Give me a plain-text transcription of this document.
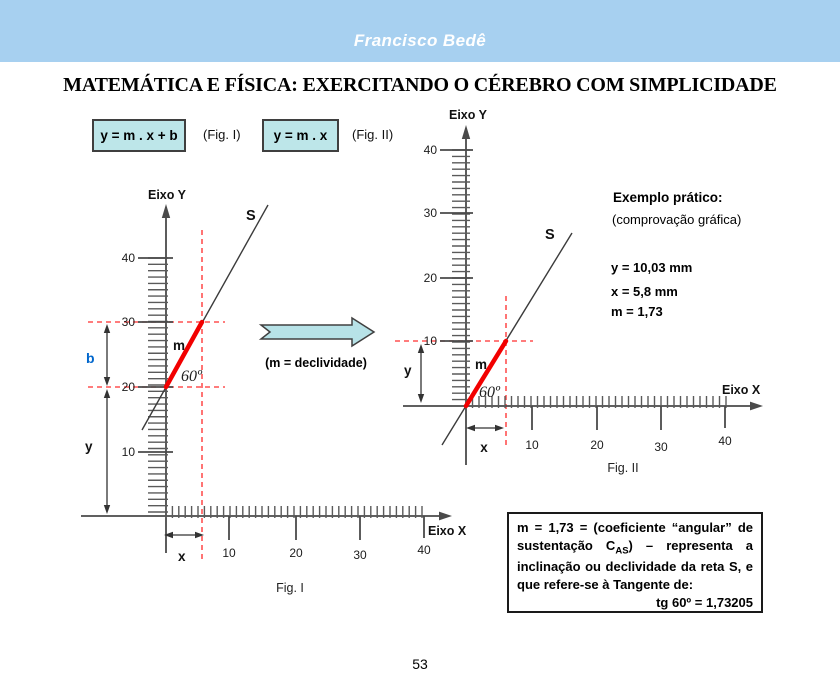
Francisco Bedê
MATEMÁTICA E FÍSICA: EXERCITANDO O CÉREBRO COM SIMPLICIDADE
y = m . x + b (Fig. I) y = m . x (Fig. II)
40
30
20
10
10	20	30	40
Eixo Y
Eixo X
S
m
60º
b
y
x
Fig. I
(m = declividade)
40
30
20
10
10	20	30	40
Eixo Y
Eixo X
S
m
60º
y
x
Fig. II
Exemplo prático:
(comprovação gráfica)
y = 10,03 mm
x = 5,8 mm
m = 1,73

m = 1,73 = (coeficiente “angular” de sustentação $C_{AS}$) – representa a inclinação ou declividade da reta S, e que refere-se à Tangente de:

tg 60º = 1,73205
53
